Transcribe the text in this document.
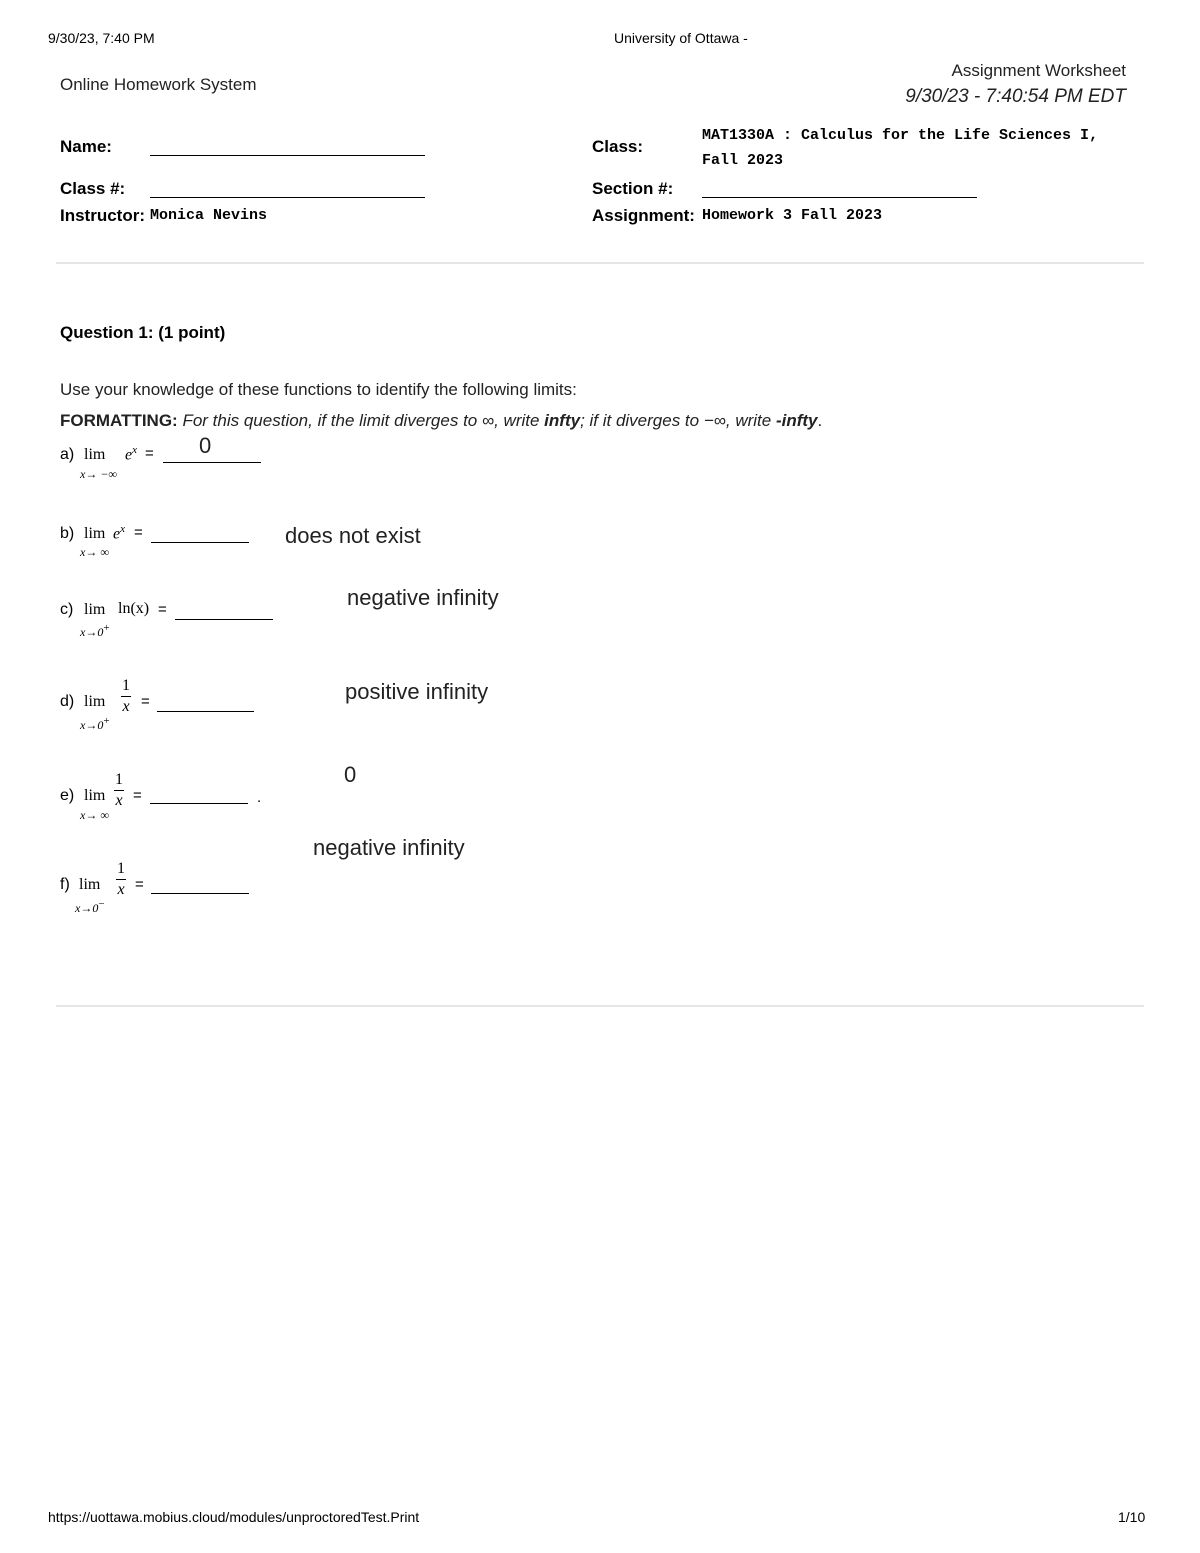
9/30/23, 7:40 PM	University of Ottawa -
https://uottawa.mobius.cloud/modules/unproctoredTest.Print	1/10
Online Homework System
Assignment Worksheet
9/30/23 - 7:40:54 PM EDT
Name:
Class #:
Instructor: Monica Nevins
Class:
MAT1330A : Calculus for the Life Sciences I,
Fall 2023
Section #:
Assignment: Homework 3 Fall 2023
Question 1: (1 point)
Use your knowledge of these functions to identify the following limits:
FORMATTING: For this question, if the limit diverges to ∞, write infty; if it diverges to −∞, write -infty.
a) lim
x→ −∞
$e^x = 0$
b) lim
x→ ∞
$e^x$ =	does not exist
c) lim
x→0+
ln(x) =	negative infinity
d) lim
x→0+
1
x =	positive infinity
e) lim
x→ ∞
1
x =	.
0
f) lim
x→0−
1
x =
negative infinity
